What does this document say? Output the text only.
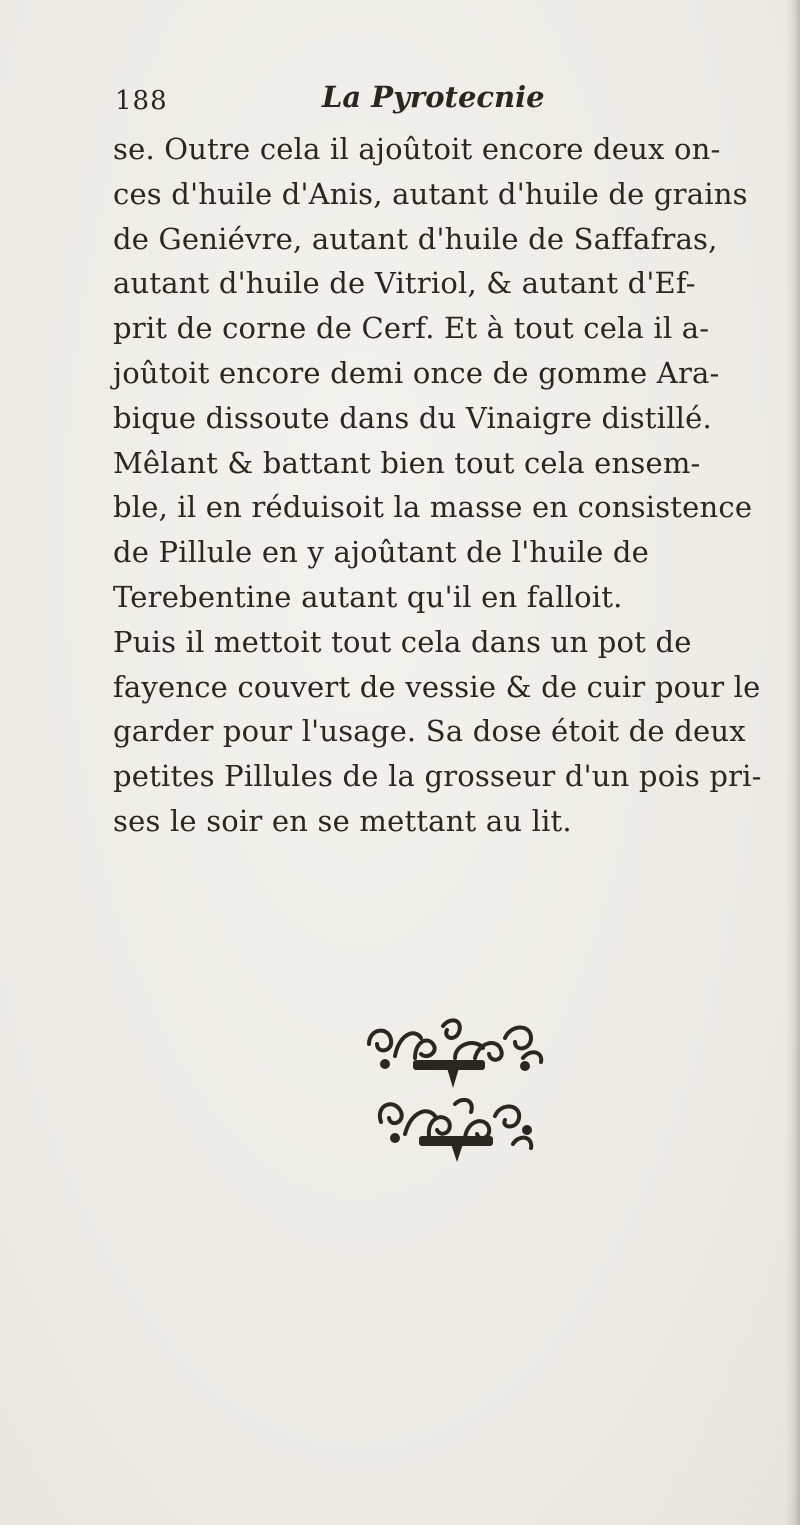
188	La Pyrotecnie
se. Outre cela il ajoûtoit encore deux on-
ces d'huile d'Anis, autant d'huile de grains
de Geniévre, autant d'huile de Saffafras,
autant d'huile de Vitriol, & autant d'Ef-
prit de corne de Cerf. Et à tout cela il a-
joûtoit encore demi once de gomme Ara-
bique dissoute dans du Vinaigre distillé.
Mêlant & battant bien tout cela ensem-
ble, il en réduisoit la masse en consistence
de Pillule en y ajoûtant de l'huile de
Terebentine autant qu'il en falloit.
Puis il mettoit tout cela dans un pot de
fayence couvert de vessie & de cuir pour le
garder pour l'usage. Sa dose étoit de deux
petites Pillules de la grosseur d'un pois pri-
ses le soir en se mettant au lit.
